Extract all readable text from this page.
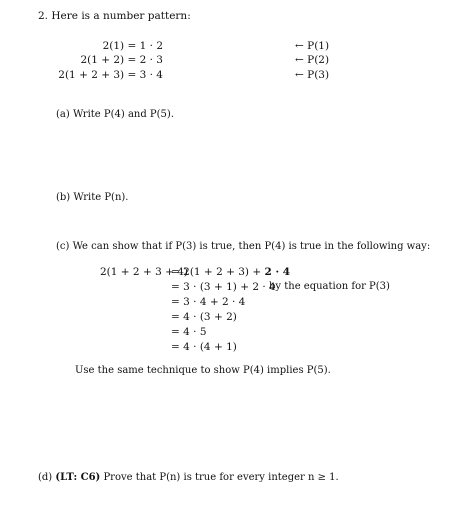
2. Here is a number pattern:
2(1) = 1 · 2	← P(1)
2(1 + 2) = 2 · 3	← P(2)
2(1 + 2 + 3) = 3 · 4	← P(3)
(a) Write P(4) and P(5).
(b) Write P(n).
(c) We can show that if P(3) is true, then P(4) is true in the following way:
2(1 + 2 + 3 + 4)
= 2(1 + 2 + 3) + 2 · 4
= 3 · (3 + 1) + 2 · 4
by the equation for P(3)
= 3 · 4 + 2 · 4
= 4 · (3 + 2)
= 4 · 5
= 4 · (4 + 1)
Use the same technique to show P(4) implies P(5).
(d) (LT: C6) Prove that P(n) is true for every integer n ≥ 1.
